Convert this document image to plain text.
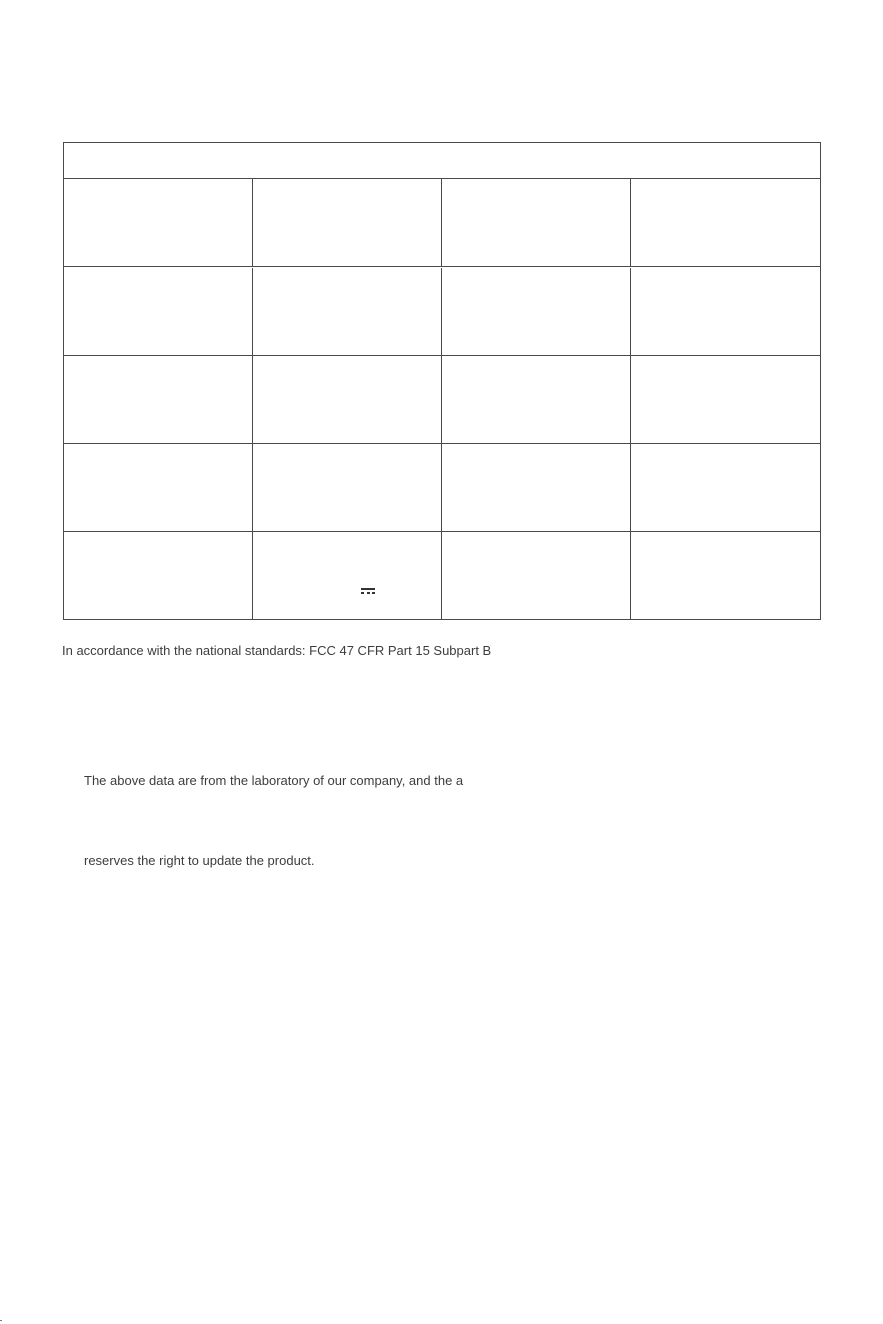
In accordance with the national standards: FCC 47 CFR Part 15 Subpart B
The above data are from the laboratory of our company, and the a
reserves the right to update the product.
